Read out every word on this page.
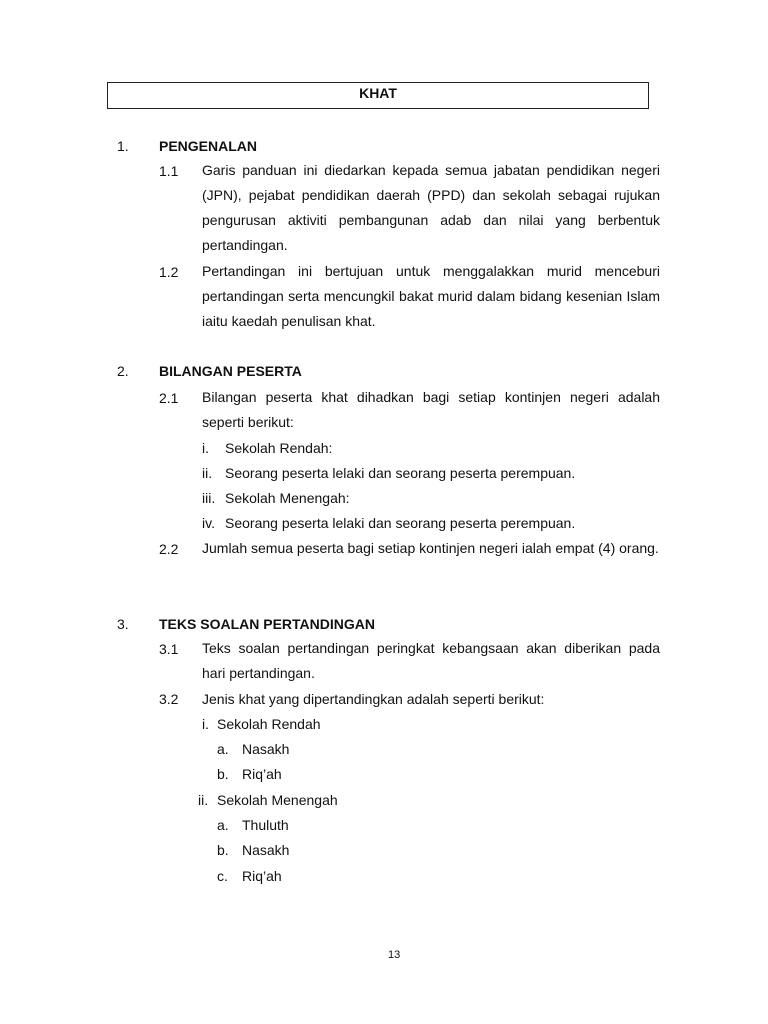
KHAT
1. PENGENALAN
1.1 Garis panduan ini diedarkan kepada semua jabatan pendidikan negeri (JPN), pejabat pendidikan daerah (PPD) dan sekolah sebagai rujukan pengurusan aktiviti pembangunan adab dan nilai yang berbentuk pertandingan.

1.2 Pertandingan ini bertujuan untuk menggalakkan murid menceburi pertandingan serta mencungkil bakat murid dalam bidang kesenian Islam iaitu kaedah penulisan khat.

2. BILANGAN PESERTA
2.1 Bilangan peserta khat dihadkan bagi setiap kontinjen negeri adalah seperti berikut:

i. Sekolah Rendah:
ii. Seorang peserta lelaki dan seorang peserta perempuan.
iii. Sekolah Menengah:
iv. Seorang peserta lelaki dan seorang peserta perempuan.
2.2 Jumlah semua peserta bagi setiap kontinjen negeri ialah empat (4) orang.

3. TEKS SOALAN PERTANDINGAN
3.1 Teks soalan pertandingan peringkat kebangsaan akan diberikan pada hari pertandingan.

3.2 Jenis khat yang dipertandingkan adalah seperti berikut:
i. Sekolah Rendah
a. Nasakh
b. Riq’ah
ii. Sekolah Menengah
a. Thuluth
b. Nasakh
c. Riq’ah
13
